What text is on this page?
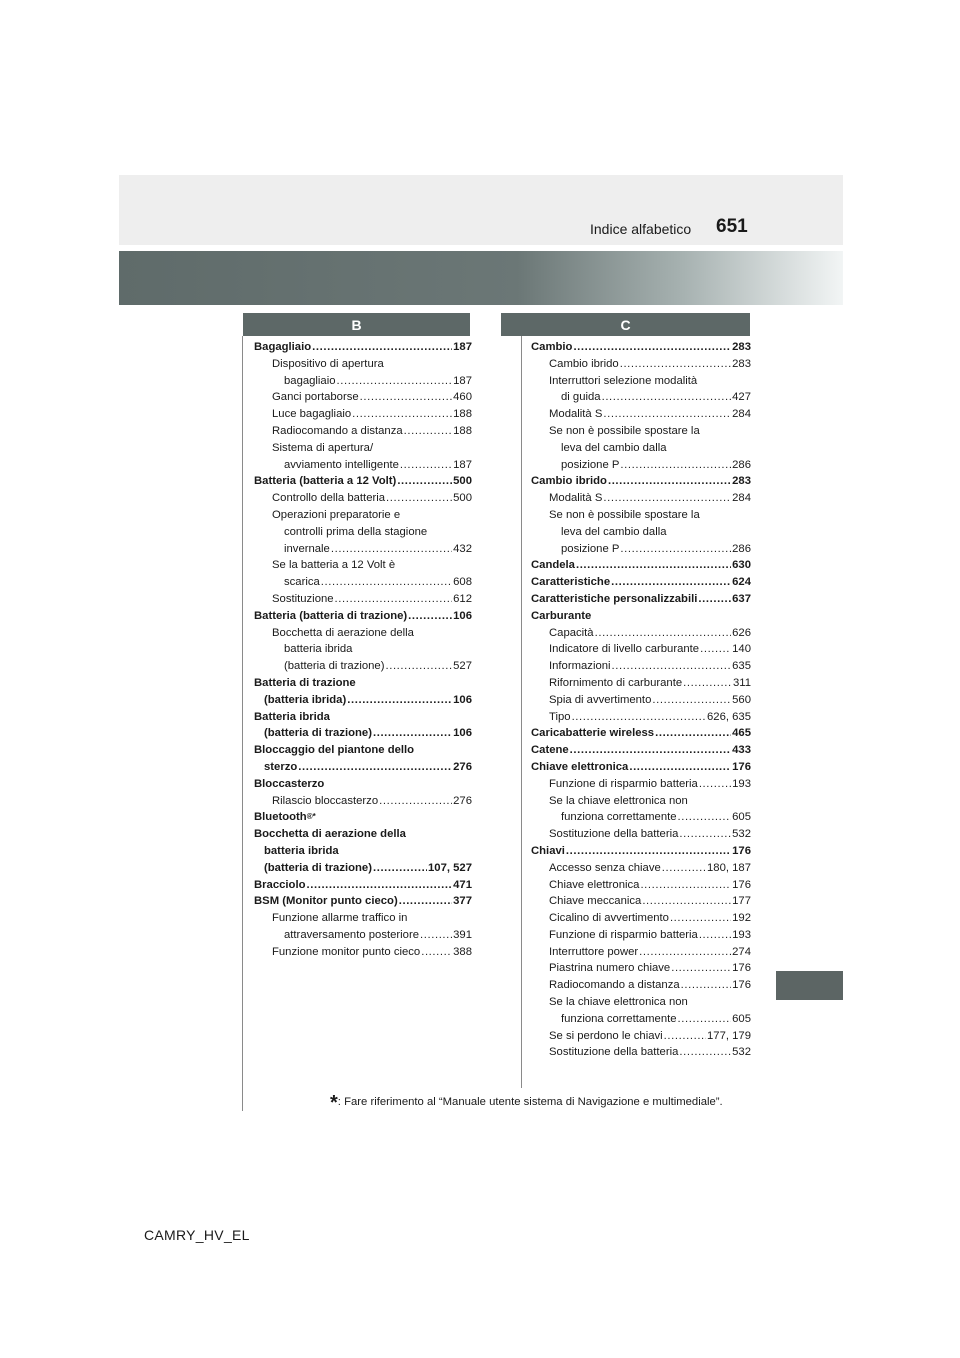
651
Indice alfabetico
B	C
Bagagliaio .....	187
Dispositivo di apertura
bagagliaio .....	187
Ganci portaborse .....	460
Luce bagagliaio .....	188
Radiocomando a distanza .....	188
Sistema di apertura/
avviamento intelligente .....	187
Batteria (batteria a 12 Volt) .....	500
Controllo della batteria .....	500
Operazioni preparatorie e
controlli prima della stagione
invernale .....	432
Se la batteria a 12 Volt è
scarica .....	608
Sostituzione .....	612
Batteria (batteria di trazione) .....	106
Bocchetta di aerazione della
batteria ibrida
(batteria di trazione) .....	527
Batteria di trazione
(batteria ibrida) .....	106
Batteria ibrida
(batteria di trazione) .....	106
Bloccaggio del piantone dello
sterzo .....	276
Bloccasterzo
Rilascio bloccasterzo .....	276
Bluetooth ®*
Bocchetta di aerazione della
batteria ibrida
(batteria di trazione) .....	107, 527
Bracciolo .....	471
BSM (Monitor punto cieco) .....	377
Funzione allarme traffico in
attraversamento posteriore .....	391
Funzione monitor punto cieco .....	388
Cambio .....	283
Cambio ibrido .....	283
Interruttori selezione modalità
di guida .....	427
Modalità S .....	284
Se non è possibile spostare la
leva del cambio dalla
posizione P .....	286
Cambio ibrido .....	283
Modalità S .....	284
Se non è possibile spostare la
leva del cambio dalla
posizione P .....	286
Candela .....	630
Caratteristiche .....	624
Caratteristiche personalizzabili .....	637
Carburante
Capacità .....	626
Indicatore di livello carburante .....	140
Informazioni .....	635
Rifornimento di carburante .....	311
Spia di avvertimento .....	560
Tipo .....	626, 635
Caricabatterie wireless .....	465
Catene .....	433
Chiave elettronica .....	176
Funzione di risparmio batteria .....	193
Se la chiave elettronica non
funziona correttamente .....	605
Sostituzione della batteria .....	532
Chiavi .....	176
Accesso senza chiave .....	180, 187
Chiave elettronica .....	176
Chiave meccanica .....	177
Cicalino di avvertimento .....	192
Funzione di risparmio batteria .....	193
Interruttore power .....	274
Piastrina numero chiave .....	176
Radiocomando a distanza .....	176
Se la chiave elettronica non
funziona correttamente .....	605
Se si perdono le chiavi .....	177, 179
Sostituzione della batteria .....	532
*: Fare riferimento al “Manuale utente sistema di Navigazione e multimediale”.
CAMRY_HV_EL
